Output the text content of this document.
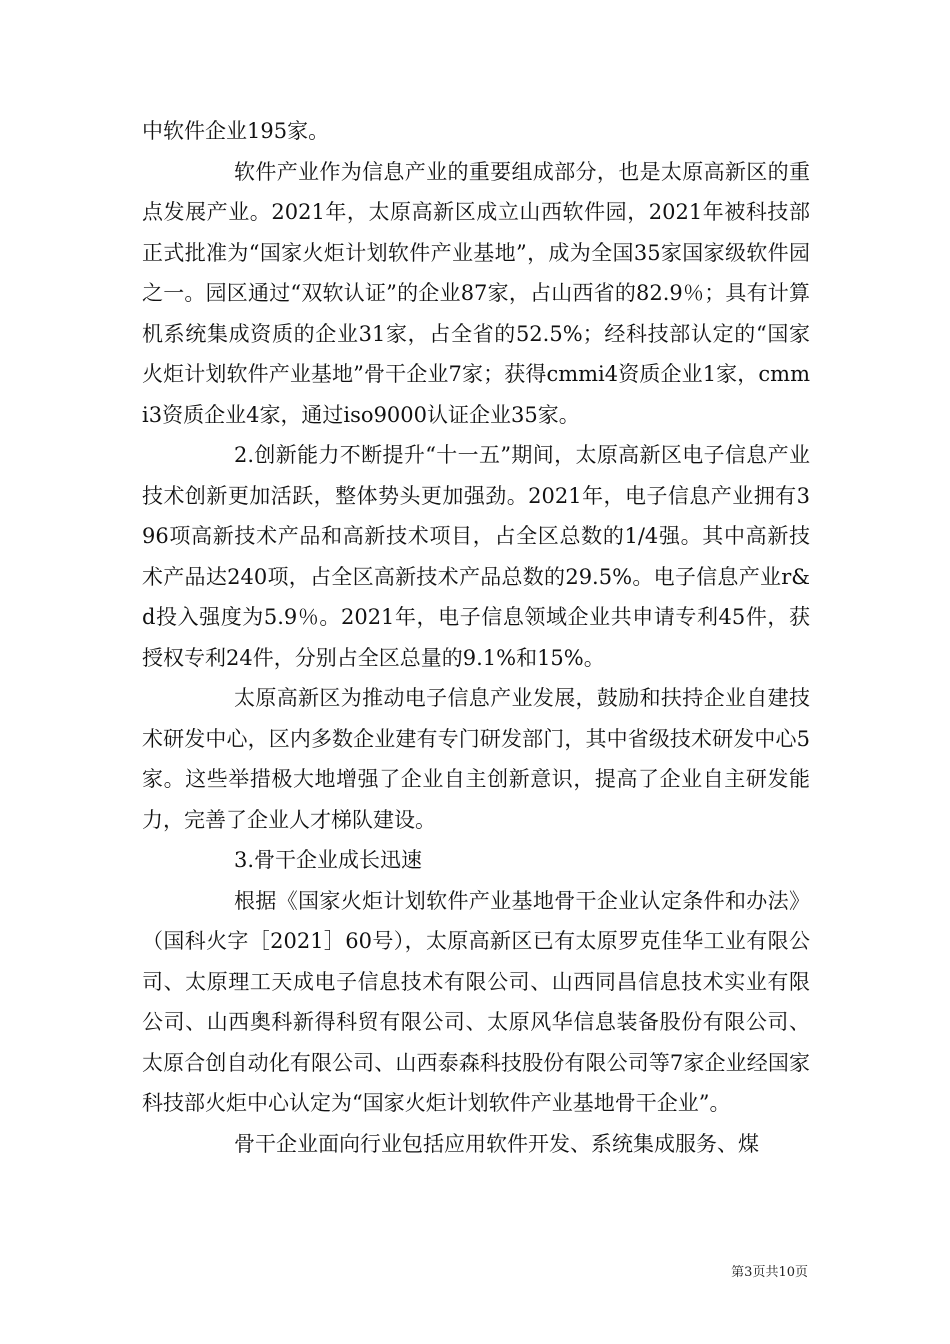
中软件企业195家。

软件产业作为信息产业的重要组成部分，也是太原高新区的重点发展产业。2021年，太原高新区成立山西软件园，2021年被科技部正式批准为“国家火炬计划软件产业基地”，成为全国35家国家级软件园之一。园区通过“双软认证”的企业87家，占山西省的82.9％；具有计算机系统集成资质的企业31家，占全省的52.5%；经科技部认定的“国家火炬计划软件产业基地”骨干企业7家；获得cmmi4资质企业1家，cmmi3资质企业4家，通过iso9000认证企业35家。

2.创新能力不断提升“十一五”期间，太原高新区电子信息产业技术创新更加活跃，整体势头更加强劲。2021年，电子信息产业拥有396项高新技术产品和高新技术项目，占全区总数的1/4强。其中高新技术产品达240项，占全区高新技术产品总数的29.5%。电子信息产业r&d投入强度为5.9％。2021年，电子信息领域企业共申请专利45件，获授权专利24件，分别占全区总量的9.1%和15%。

太原高新区为推动电子信息产业发展，鼓励和扶持企业自建技术研发中心，区内多数企业建有专门研发部门，其中省级技术研发中心5家。这些举措极大地增强了企业自主创新意识，提高了企业自主研发能力，完善了企业人才梯队建设。

3.骨干企业成长迅速

根据《国家火炬计划软件产业基地骨干企业认定条件和办法》（国科火字［2021］60号），太原高新区已有太原罗克佳华工业有限公司、太原理工天成电子信息技术有限公司、山西同昌信息技术实业有限公司、山西奥科新得科贸有限公司、太原风华信息装备股份有限公司、太原合创自动化有限公司、山西泰森科技股份有限公司等7家企业经国家科技部火炬中心认定为“国家火炬计划软件产业基地骨干企业”。

骨干企业面向行业包括应用软件开发、系统集成服务、煤

第3页共10页
